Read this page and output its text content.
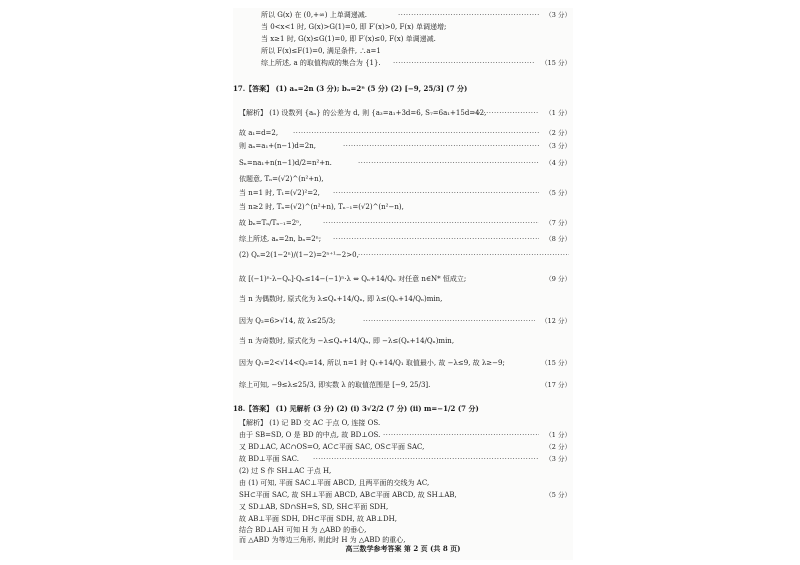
所以 G(x) 在 (0,+∞) 上单调递减. ·····	（3 分）
当 0<x<1 时, G(x)>G(1)=0, 即 F′(x)>0, F(x) 单调递增;
当 x≥1 时, G(x)≤G(1)=0, 即 F′(x)≤0, F(x) 单调递减.
所以 F(x)≤F(1)=0, 满足条件, ∴a=1
综上所述, a 的取值构成的集合为 {1}. ·····	（15 分）
17.【答案】 (1) aₙ=2n (3 分); bₙ=2ⁿ (5 分) (2) [−9, 25/3] (7 分)
【解析】 (1) 设数列 {aₙ} 的公差为 d, 则 {a₃=a₁+3d=6, S₇=6a₁+15d=42, ·····	（1 分）
故 a₁=d=2, ·····	（2 分）
则 aₙ=a₁+(n−1)d=2n, ·····	（3 分）
Sₙ=na₁+n(n−1)d/2=n²+n. ·····	（4 分）
依题意, Tₙ=(√2)^(n²+n),
当 n=1 时, T₁=(√2)²=2, ·····	（5 分）
当 n≥2 时, Tₙ=(√2)^(n²+n), Tₙ₋₁=(√2)^(n²−n),
故 bₙ=Tₙ/Tₙ₋₁=2ⁿ, ·····	（7 分）
综上所述, aₙ=2n, bₙ=2ⁿ; ·····	（8 分）
(2) Qₙ=2(1−2ⁿ)/(1−2)=2ⁿ⁺¹−2>0,
·····
故 [(−1)ⁿ·λ−Qₙ]·Qₙ≤14−(−1)ⁿ·λ ⇔ Qₙ+14/Qₙ 对任意 n∈N* 恒成立;	（9 分）
当 n 为偶数时, 原式化为 λ≤Qₙ+14/Qₙ, 即 λ≤(Qₙ+14/Qₙ)min,
因为 Q₂=6>√14, 故 λ≤25/3; ·····	（12 分）
当 n 为奇数时, 原式化为 −λ≤Qₙ+14/Qₙ, 即 −λ≤(Qₙ+14/Qₙ)min,
因为 Q₁=2<√14<Q₃=14, 所以 n=1 时 Q₁+14/Q₁ 取值最小, 故 −λ≤9, 故 λ≥−9;	（15 分）
综上可知, −9≤λ≤25/3, 即实数 λ 的取值范围是 [−9, 25/3].	（17 分）
18.【答案】 (1) 见解析 (3 分) (2) (i) 3√2/2 (7 分) (ii) m=−1/2 (7 分)
【解析】 (1) 记 BD 交 AC 于点 O, 连接 OS.
由于 SB=SD, O 是 BD 的中点, 故 BD⊥OS. ·····	（1 分）
又 BD⊥AC, AC∩OS=O, AC⊂平面 SAC, OS⊂平面 SAC,	（2 分）
故 BD⊥平面 SAC. ·····	（3 分）
(2) 过 S 作 SH⊥AC 于点 H,
由 (1) 可知, 平面 SAC⊥平面 ABCD, 且两平面的交线为 AC,
SH⊂平面 SAC, 故 SH⊥平面 ABCD, AB⊂平面 ABCD, 故 SH⊥AB,	（5 分）
又 SD⊥AB, SD∩SH=S, SD, SH⊂平面 SDH,
故 AB⊥平面 SDH, DH⊂平面 SDH, 故 AB⊥DH,
结合 BD⊥AH 可知 H 为 △ABD 的垂心,
而 △ABD 为等边三角形, 则此时 H 为 △ABD 的重心,
高三数学参考答案 第 2 页 (共 8 页)
